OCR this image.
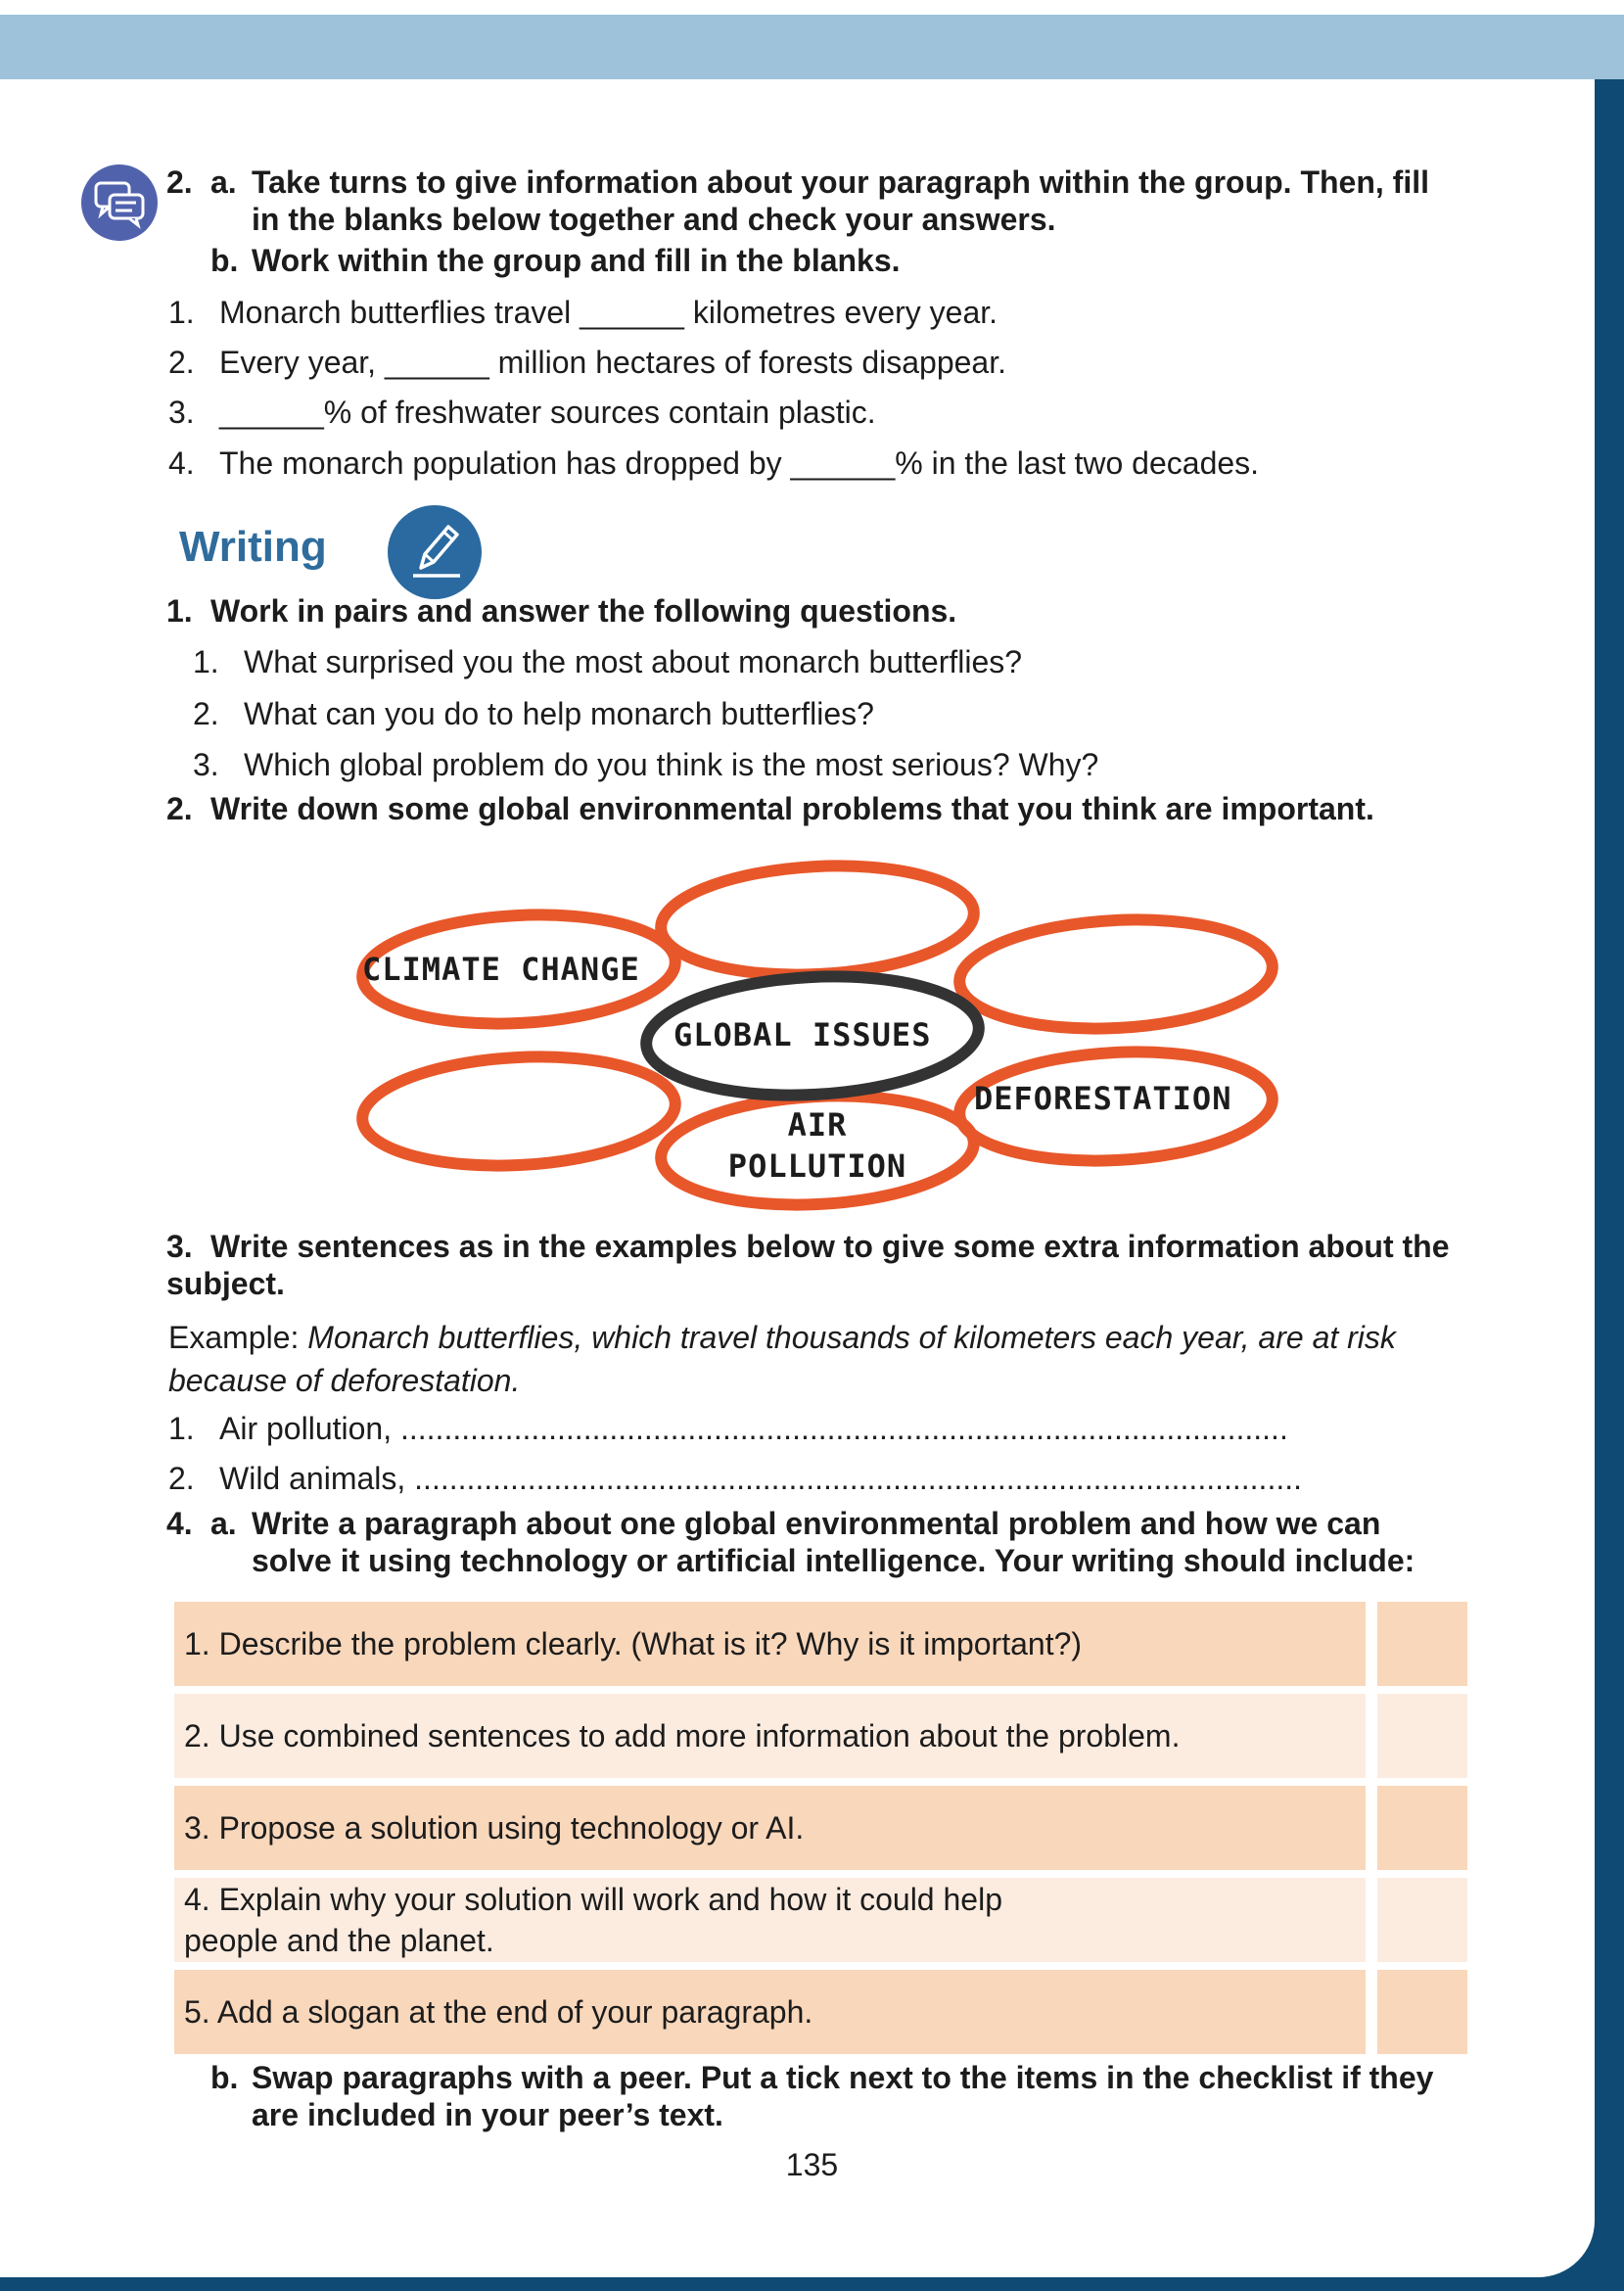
2. a. Take turns to give information about your paragraph within the group. Then, fill in the blanks below together and check your answers.
b. Work within the group and fill in the blanks.
1. Monarch butterflies travel ______ kilometres every year.
2. Every year, ______ million hectares of forests disappear.
3. ______% of freshwater sources contain plastic.
4. The monarch population has dropped by ______% in the last two decades.
Writing
1. Work in pairs and answer the following questions.
1. What surprised you the most about monarch butterflies?
2. What can you do to help monarch butterflies?
3. Which global problem do you think is the most serious? Why?
2. Write down some global environmental problems that you think are important.
CLIMATE CHANGE
GLOBAL ISSUES
DEFORESTATION
AIR
POLLUTION
3. Write sentences as in the examples below to give some extra information about the subject.
Example: Monarch butterflies, which travel thousands of kilometers each year, are at risk because of deforestation.
1. Air pollution, ......................................................................................................
2. Wild animals, ......................................................................................................
4. a. Write a paragraph about one global environmental problem and how we can solve it using technology or artificial intelligence. Your writing should include:
1. Describe the problem clearly. (What is it? Why is it important?)
2. Use combined sentences to add more information about the problem.
3. Propose a solution using technology or AI.
4. Explain why your solution will work and how it could help people and the planet.
5. Add a slogan at the end of your paragraph.
b. Swap paragraphs with a peer. Put a tick next to the items in the checklist if they are included in your peer’s text.
135
